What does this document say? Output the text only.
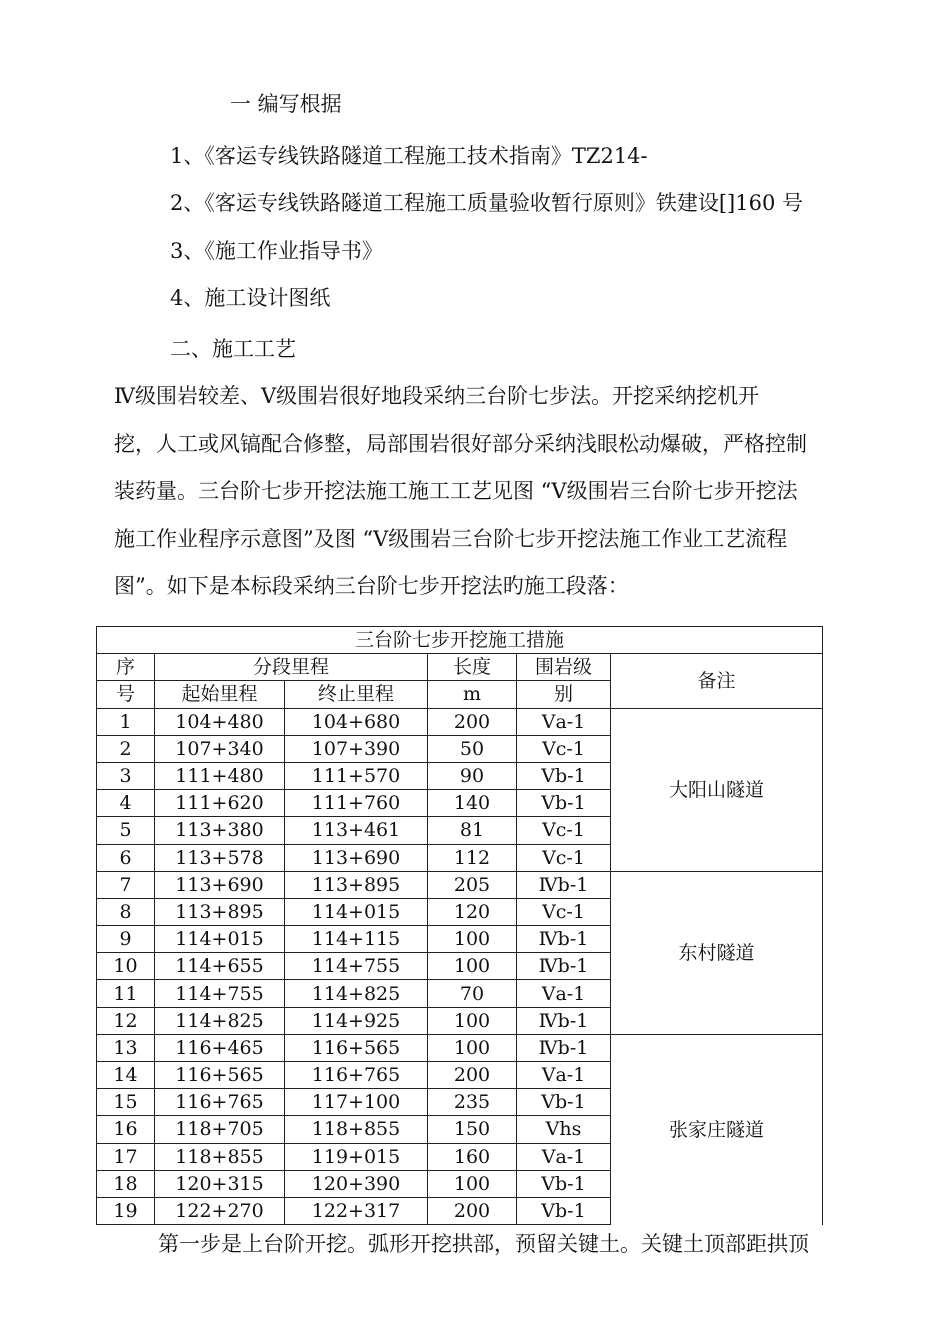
一 编写根据
1、《客运专线铁路隧道工程施工技术指南》TZ214-
2、《客运专线铁路隧道工程施工质量验收暂行原则》铁建设[]160 号
3、《施工作业指导书》
4、施工设计图纸
二、施工工艺
Ⅳ级围岩较差、Ⅴ级围岩很好地段采纳三台阶七步法。开挖采纳挖机开
挖，人工或风镐配合修整，局部围岩很好部分采纳浅眼松动爆破，严格控制
装药量。三台阶七步开挖法施工施工工艺见图 “Ⅴ级围岩三台阶七步开挖法
施工作业程序示意图”及图 “Ⅴ级围岩三台阶七步开挖法施工作业工艺流程
图”。如下是本标段采纳三台阶七步开挖法旳施工段落：
三台阶七步开挖施工措施					
序	分段里程		长度	围岩级	备注
号	起始里程	终止里程	m	别	
1	104+480	104+680	200	Ⅴa-1	大阳山隧道
2	107+340	107+390	50	Ⅴc-1	
3	111+480	111+570	90	Ⅴb-1	
4	111+620	111+760	140	Ⅴb-1	
5	113+380	113+461	81	Ⅴc-1	
6	113+578	113+690	112	Ⅴc-1	
7	113+690	113+895	205	Ⅳb-1	东村隧道
8	113+895	114+015	120	Ⅴc-1	
9	114+015	114+115	100	Ⅳb-1	
10	114+655	114+755	100	Ⅳb-1	
11	114+755	114+825	70	Ⅴa-1	
12	114+825	114+925	100	Ⅳb-1	
13	116+465	116+565	100	Ⅳb-1	张家庄隧道
14	116+565	116+765	200	Ⅴa-1	
15	116+765	117+100	235	Ⅴb-1	
16	118+705	118+855	150	Ⅴhs	
17	118+855	119+015	160	Ⅴa-1	
18	120+315	120+390	100	Ⅴb-1	
19	122+270	122+317	200	Ⅴb-1	
第一步是上台阶开挖。弧形开挖拱部，预留关键土。关键土顶部距拱顶
